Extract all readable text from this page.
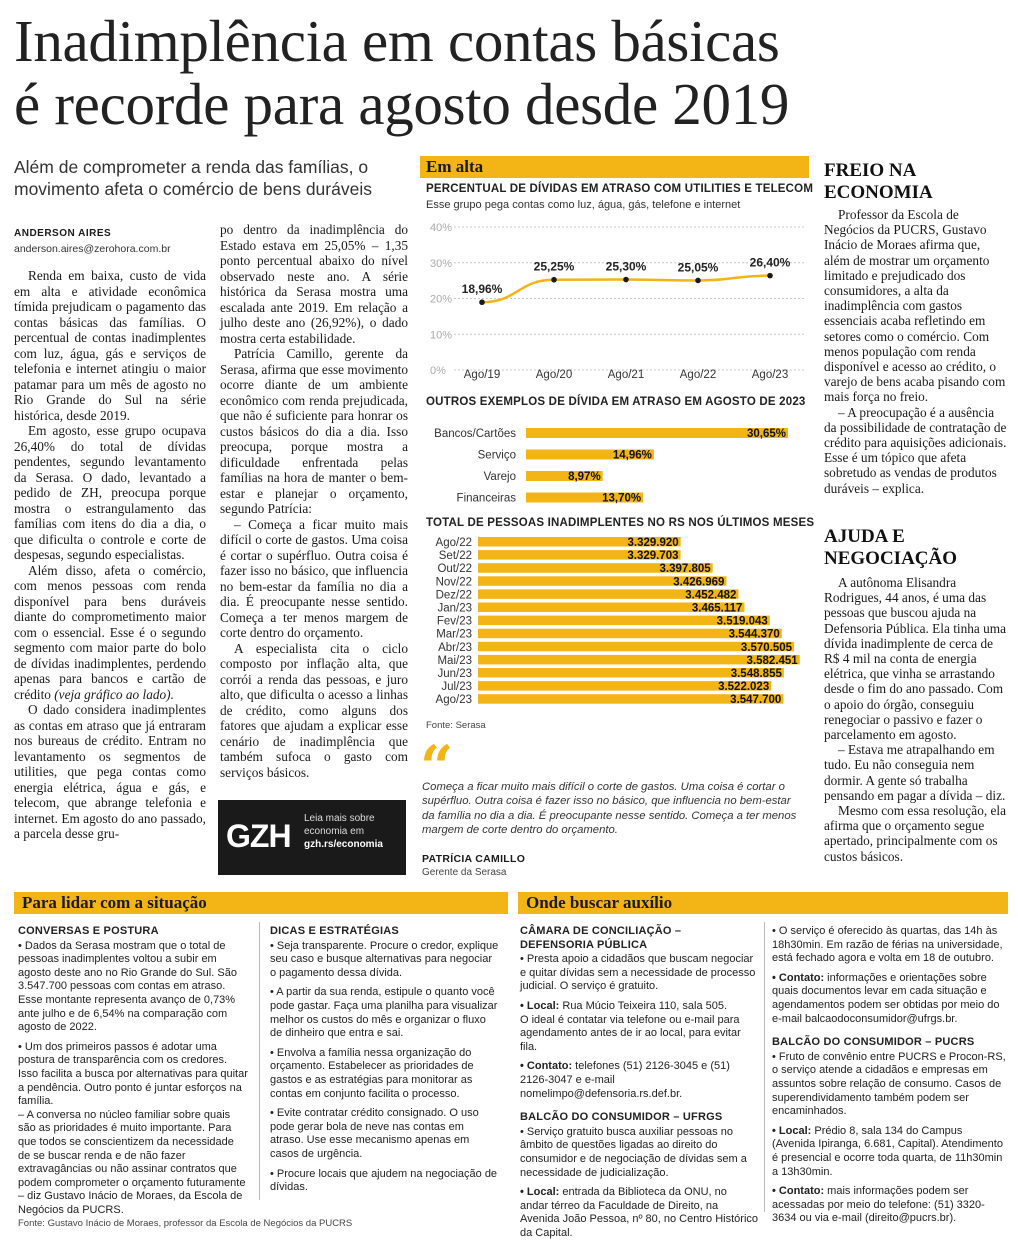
Inadimplência em contas básicas
é recorde para agosto desde 2019
Além de comprometer a renda das famílias, o movimento afeta o comércio de bens duráveis
ANDERSON AIRES
anderson.aires@zerohora.com.br

Renda em baixa, custo de vida em alta e atividade econômica tímida prejudicam o pagamento das contas básicas das famílias. O percentual de contas inadimplentes com luz, água, gás e serviços de telefonia e internet atingiu o maior patamar para um mês de agosto no Rio Grande do Sul na série histórica, desde 2019.

Em agosto, esse grupo ocupava 26,40% do total de dívidas pendentes, segundo levantamento da Serasa. O dado, levantado a pedido de ZH, preocupa porque mostra o estrangulamento das famílias com itens do dia a dia, o que dificulta o controle e corte de despesas, segundo especialistas.

Além disso, afeta o comércio, com menos pessoas com renda disponível para bens duráveis diante do comprometimento maior com o essencial. Esse é o segundo segmento com maior parte do bolo de dívidas inadimplentes, perdendo apenas para bancos e cartão de crédito (veja gráfico ao lado).

O dado considera inadimplentes as contas em atraso que já entraram nos bureaus de crédito. Entram no levantamento os segmentos de utilities, que pega contas como energia elétrica, água e gás, e telecom, que abrange telefonia e internet. Em agosto do ano passado, a parcela desse gru-

po dentro da inadimplência do Estado estava em 25,05% – 1,35 ponto percentual abaixo do nível observado neste ano. A série histórica da Serasa mostra uma escalada ante 2019. Em relação a julho deste ano (26,92%), o dado mostra certa estabilidade.

Patrícia Camillo, gerente da Serasa, afirma que esse movimento ocorre diante de um ambiente econômico com renda prejudicada, que não é suficiente para honrar os custos básicos do dia a dia. Isso preocupa, porque mostra a dificuldade enfrentada pelas famílias na hora de manter o bem-estar e planejar o orçamento, segundo Patrícia:

– Começa a ficar muito mais difícil o corte de gastos. Uma coisa é cortar o supérfluo. Outra coisa é fazer isso no básico, que influencia no bem-estar da família no dia a dia. É preocupante nesse sentido. Começa a ter menos margem de corte dentro do orçamento.

A especialista cita o ciclo composto por inflação alta, que corrói a renda das pessoas, e juro alto, que dificulta o acesso a linhas de crédito, como alguns dos fatores que ajudam a explicar esse cenário de inadimplência que também sufoca o gasto com serviços básicos.

GZH Leia mais sobre economia em
gzh.rs/economia
Em alta
PERCENTUAL DE DÍVIDAS EM ATRASO COM UTILITIES E TELECOM
Esse grupo pega contas como luz, água, gás, telefone e internet
0%
10%
20%
30%
40%
18,96%
Ago/19
25,25%
Ago/20
25,30%
Ago/21
25,05%
Ago/22
26,40%
Ago/23
OUTROS EXEMPLOS DE DÍVIDA EM ATRASO EM AGOSTO DE 2023
Bancos/Cartões	30,65%
Serviço	14,96%
Varejo	8,97%
Financeiras	13,70%
TOTAL DE PESSOAS INADIMPLENTES NO RS NOS ÚLTIMOS MESES
Ago/22	3.329.920
Set/22	3.329.703
Out/22	3.397.805
Nov/22	3.426.969
Dez/22	3.452.482
Jan/23	3.465.117
Fev/23	3.519.043
Mar/23	3.544.370
Abr/23	3.570.505
Mai/23	3.582.451
Jun/23	3.548.855
Jul/23	3.522.023
Ago/23	3.547.700
Fonte: Serasa
“
Começa a ficar muito mais difícil o corte de gastos. Uma coisa é cortar o supérfluo. Outra coisa é fazer isso no básico, que influencia no bem-estar da família no dia a dia. É preocupante nesse sentido. Começa a ter menos margem de corte dentro do orçamento.
PATRÍCIA CAMILLO
Gerente da Serasa
FREIO NA ECONOMIA

Professor da Escola de Negócios da PUCRS, Gustavo Inácio de Moraes afirma que, além de mostrar um orçamento limitado e prejudicado dos consumidores, a alta da inadimplência com gastos essenciais acaba refletindo em setores como o comércio. Com menos população com renda disponível e acesso ao crédito, o varejo de bens acaba pisando com mais força no freio.

– A preocupação é a ausência da possibilidade de contratação de crédito para aquisições adicionais. Esse é um tópico que afeta sobretudo as vendas de produtos duráveis – explica.

AJUDA E NEGOCIAÇÃO

A autônoma Elisandra Rodrigues, 44 anos, é uma das pessoas que buscou ajuda na Defensoria Pública. Ela tinha uma dívida inadimplente de cerca de R$ 4 mil na conta de energia elétrica, que vinha se arrastando desde o fim do ano passado. Com o apoio do órgão, conseguiu renegociar o passivo e fazer o parcelamento em agosto.

– Estava me atrapalhando em tudo. Eu não conseguia nem dormir. A gente só trabalha pensando em pagar a dívida – diz.

Mesmo com essa resolução, ela afirma que o orçamento segue apertado, principalmente com os custos básicos.

Para lidar com a situação	Onde buscar auxílio
CONVERSAS E POSTURA

• Dados da Serasa mostram que o total de pessoas inadimplentes voltou a subir em agosto deste ano no Rio Grande do Sul. São 3.547.700 pessoas com contas em atraso. Esse montante representa avanço de 0,73% ante julho e de 6,54% na comparação com agosto de 2022.

• Um dos primeiros passos é adotar uma postura de transparência com os credores. Isso facilita a busca por alternativas para quitar a pendência. Outro ponto é juntar esforços na família.

– A conversa no núcleo familiar sobre quais são as prioridades é muito importante. Para que todos se conscientizem da necessidade de se buscar renda e de não fazer extravagâncias ou não assinar contratos que podem comprometer o orçamento futuramente – diz Gustavo Inácio de Moraes, da Escola de Negócios da PUCRS.

DICAS E ESTRATÉGIAS

• Seja transparente. Procure o credor, explique seu caso e busque alternativas para negociar o pagamento dessa dívida.

• A partir da sua renda, estipule o quanto você pode gastar. Faça uma planilha para visualizar melhor os custos do mês e organizar o fluxo de dinheiro que entra e sai.

• Envolva a família nessa organização do orçamento. Estabelecer as prioridades de gastos e as estratégias para monitorar as contas em conjunto facilita o processo.

• Evite contratar crédito consignado. O uso pode gerar bola de neve nas contas em atraso. Use esse mecanismo apenas em casos de urgência.

• Procure locais que ajudem na negociação de dívidas.

CÂMARA DE CONCILIAÇÃO – DEFENSORIA PÚBLICA

• Presta apoio a cidadãos que buscam negociar e quitar dívidas sem a necessidade de processo judicial. O serviço é gratuito.

• Local: Rua Múcio Teixeira 110, sala 505.

O ideal é contatar via telefone ou e-mail para agendamento antes de ir ao local, para evitar fila.

• Contato: telefones (51) 2126-3045 e (51) 2126-3047 e e-mail nomelimpo@defensoria.rs.def.br.

BALCÃO DO CONSUMIDOR – UFRGS

• Serviço gratuito busca auxiliar pessoas no âmbito de questões ligadas ao direito do consumidor e de negociação de dívidas sem a necessidade de judicialização.

• Local: entrada da Biblioteca da ONU, no andar térreo da Faculdade de Direito, na Avenida João Pessoa, nº 80, no Centro Histórico da Capital.

• O serviço é oferecido às quartas, das 14h às 18h30min. Em razão de férias na universidade, está fechado agora e volta em 18 de outubro.

• Contato: informações e orientações sobre quais documentos levar em cada situação e agendamentos podem ser obtidas por meio do e-mail balcaodoconsumidor@ufrgs.br.

BALCÃO DO CONSUMIDOR – PUCRS

• Fruto de convênio entre PUCRS e Procon-RS, o serviço atende a cidadãos e empresas em assuntos sobre relação de consumo. Casos de superendividamento também podem ser encaminhados.

• Local: Prédio 8, sala 134 do Campus (Avenida Ipiranga, 6.681, Capital). Atendimento é presencial e ocorre toda quarta, de 11h30min a 13h30min.

• Contato: mais informações podem ser acessadas por meio do telefone: (51) 3320-3634 ou via e-mail (direito@pucrs.br).

Fonte: Gustavo Inácio de Moraes, professor da Escola de Negócios da PUCRS
